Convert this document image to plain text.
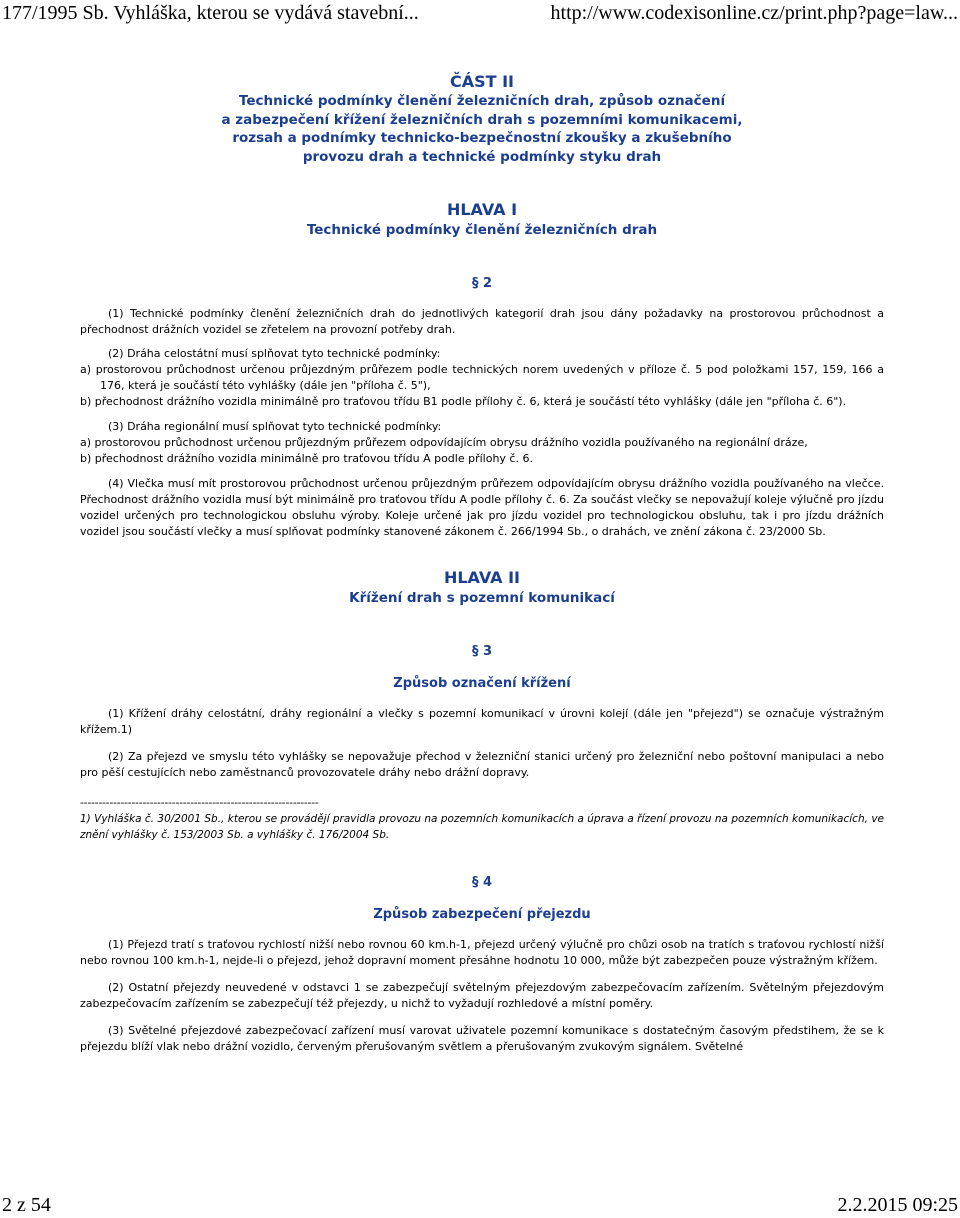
177/1995 Sb. Vyhláška, kterou se vydává stavební...	http://www.codexisonline.cz/print.php?page=law...
ČÁST II
Technické podmínky členění železničních drah, způsob označení
a zabezpečení křížení železničních drah s pozemními komunikacemi,
rozsah a podnímky technicko-bezpečnostní zkoušky a zkušebního
provozu drah a technické podmínky styku drah
HLAVA I
Technické podmínky členění železničních drah
§ 2

(1) Technické podmínky členění železničních drah do jednotlivých kategorií drah jsou dány požadavky na prostorovou průchodnost a přechodnost drážních vozidel se zřetelem na provozní potřeby drah.

(2) Dráha celostátní musí splňovat tyto technické podmínky:

a) prostorovou průchodnost určenou průjezdným průřezem podle technických norem uvedených v příloze č. 5 pod položkami 157, 159, 166 a 176, která je součástí této vyhlášky (dále jen "příloha č. 5"),

b) přechodnost drážního vozidla minimálně pro traťovou třídu B1 podle přílohy č. 6, která je součástí této vyhlášky (dále jen "příloha č. 6").

(3) Dráha regionální musí splňovat tyto technické podmínky:

a) prostorovou průchodnost určenou průjezdným průřezem odpovídajícím obrysu drážního vozidla používaného na regionální dráze,

b) přechodnost drážního vozidla minimálně pro traťovou třídu A podle přílohy č. 6.

(4) Vlečka musí mít prostorovou průchodnost určenou průjezdným průřezem odpovídajícím obrysu drážního vozidla používaného na vlečce. Přechodnost drážního vozidla musí být minimálně pro traťovou třídu A podle přílohy č. 6. Za součást vlečky se nepovažují koleje výlučně pro jízdu vozidel určených pro technologickou obsluhu výroby. Koleje určené jak pro jízdu vozidel pro technologickou obsluhu, tak i pro jízdu drážních vozidel jsou součástí vlečky a musí splňovat podmínky stanovené zákonem č. 266/1994 Sb., o drahách, ve znění zákona č. 23/2000 Sb.

HLAVA II
Křížení drah s pozemní komunikací
§ 3
Způsob označení křížení

(1) Křížení dráhy celostátní, dráhy regionální a vlečky s pozemní komunikací v úrovni kolejí (dále jen "přejezd") se označuje výstražným křížem.1)

(2) Za přejezd ve smyslu této vyhlášky se nepovažuje přechod v železniční stanici určený pro železniční nebo poštovní manipulaci a nebo pro pěší cestujících nebo zaměstnanců provozovatele dráhy nebo drážní dopravy.

-----------------------------------------------------------------

1) Vyhláška č. 30/2001 Sb., kterou se provádějí pravidla provozu na pozemních komunikacích a úprava a řízení provozu na pozemních komunikacích, ve znění vyhlášky č. 153/2003 Sb. a vyhlášky č. 176/2004 Sb.

§ 4
Způsob zabezpečení přejezdu

(1) Přejezd tratí s traťovou rychlostí nižší nebo rovnou 60 km.h-1, přejezd určený výlučně pro chůzi osob na tratích s traťovou rychlostí nižší nebo rovnou 100 km.h-1, nejde-li o přejezd, jehož dopravní moment přesáhne hodnotu 10 000, může být zabezpečen pouze výstražným křížem.

(2) Ostatní přejezdy neuvedené v odstavci 1 se zabezpečují světelným přejezdovým zabezpečovacím zařízením. Světelným přejezdovým zabezpečovacím zařízením se zabezpečují též přejezdy, u nichž to vyžadují rozhledové a místní poměry.

(3) Světelné přejezdové zabezpečovací zařízení musí varovat uživatele pozemní komunikace s dostatečným časovým předstihem, že se k přejezdu blíží vlak nebo drážní vozidlo, červeným přerušovaným světlem a přerušovaným zvukovým signálem. Světelné

2 z 54	2.2.2015 09:25
